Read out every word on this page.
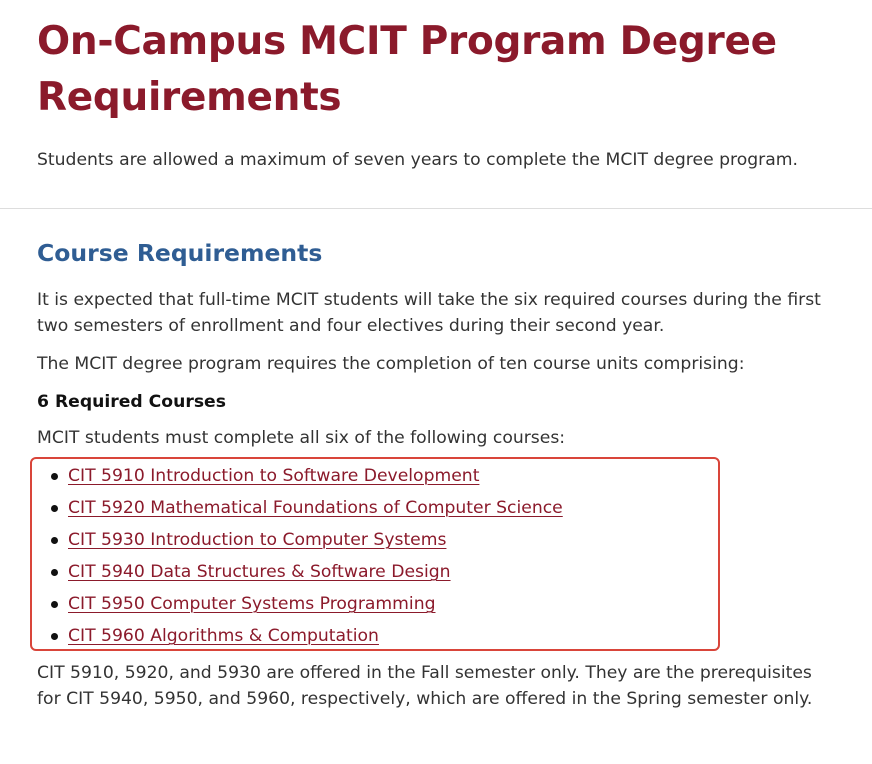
On-Campus MCIT Program Degree Requirements

Students are allowed a maximum of seven years to complete the MCIT degree program.

Course Requirements

It is expected that full-time MCIT students will take the six required courses during the first two semesters of enrollment and four electives during their second year.

The MCIT degree program requires the completion of ten course units comprising:

6 Required Courses

MCIT students must complete all six of the following courses:

CIT 5910 Introduction to Software Development
CIT 5920 Mathematical Foundations of Computer Science
CIT 5930 Introduction to Computer Systems
CIT 5940 Data Structures & Software Design
CIT 5950 Computer Systems Programming
CIT 5960 Algorithms & Computation

CIT 5910, 5920, and 5930 are offered in the Fall semester only. They are the prerequisites for CIT 5940, 5950, and 5960, respectively, which are offered in the Spring semester only.
